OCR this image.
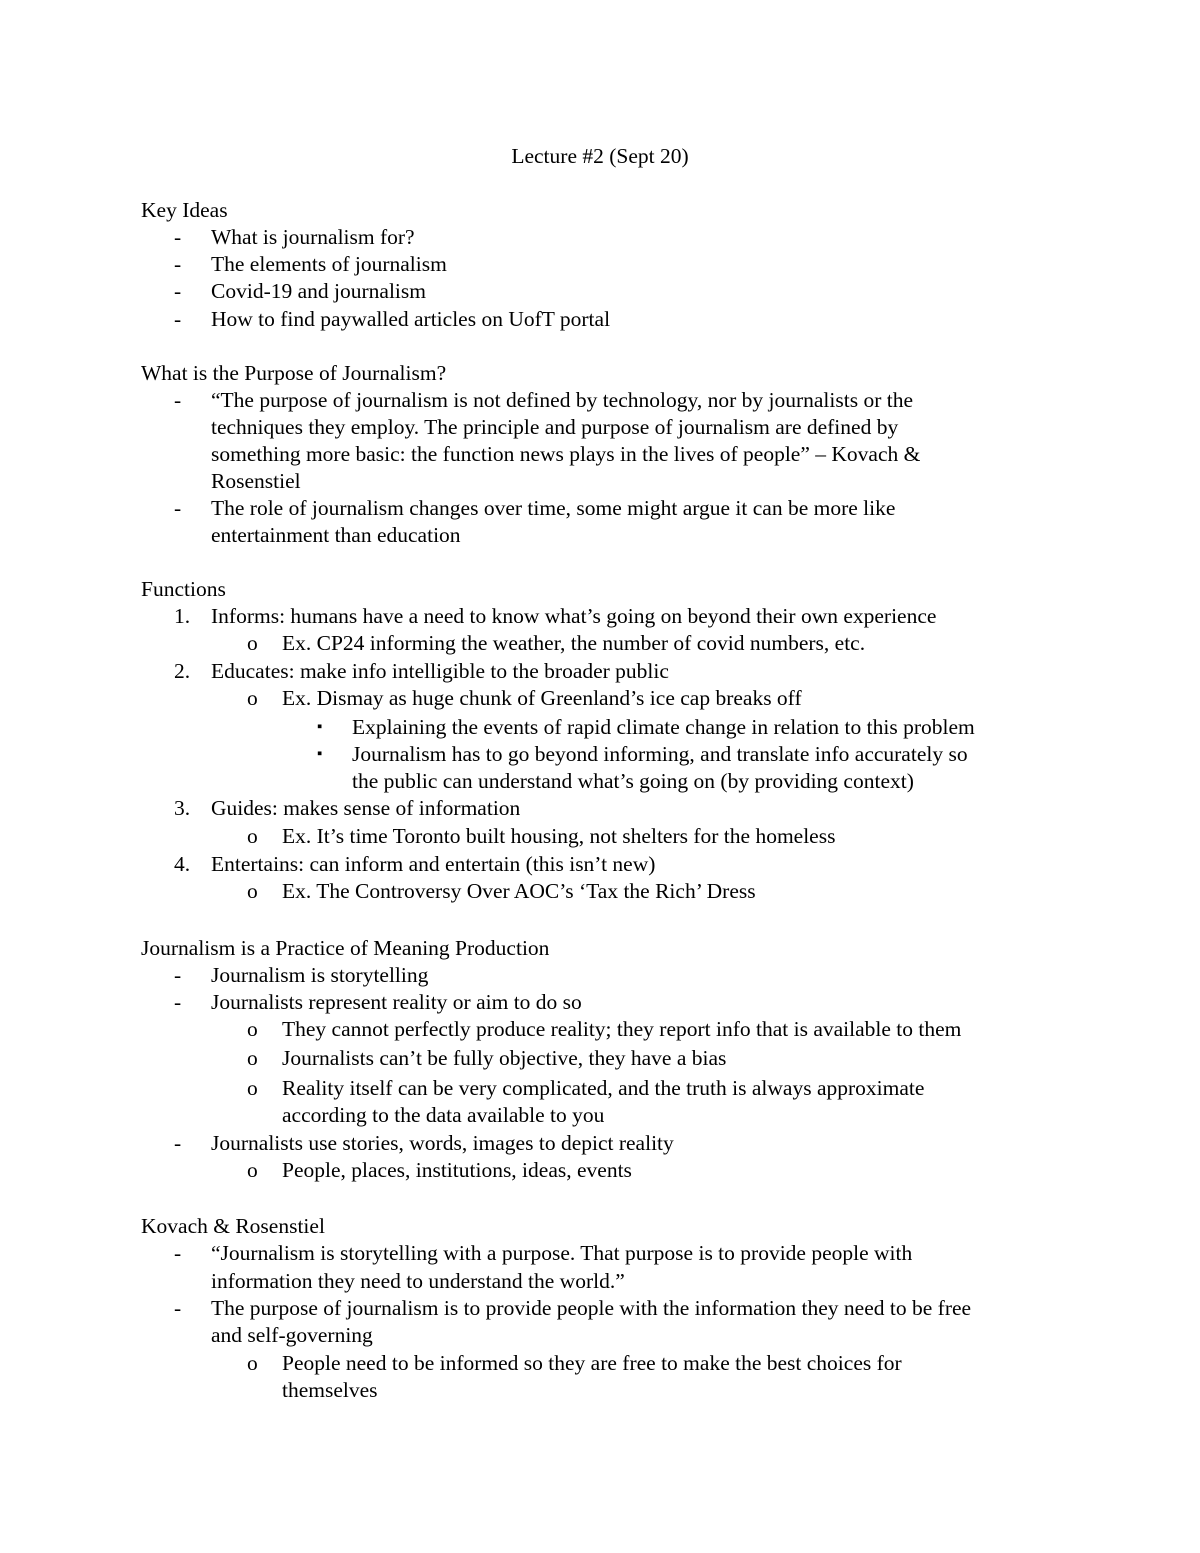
Lecture #2 (Sept 20)
Key Ideas
- What is journalism for?
- The elements of journalism
- Covid-19 and journalism
- How to find paywalled articles on UofT portal
What is the Purpose of Journalism?
- “The purpose of journalism is not defined by technology, nor by journalists or the
techniques they employ. The principle and purpose of journalism are defined by
something more basic: the function news plays in the lives of people” – Kovach &
Rosenstiel
- The role of journalism changes over time, some might argue it can be more like
entertainment than education
Functions
1. Informs: humans have a need to know what’s going on beyond their own experience
o Ex. CP24 informing the weather, the number of covid numbers, etc.
2. Educates: make info intelligible to the broader public
o Ex. Dismay as huge chunk of Greenland’s ice cap breaks off
▪ Explaining the events of rapid climate change in relation to this problem
▪ Journalism has to go beyond informing, and translate info accurately so
the public can understand what’s going on (by providing context)
3. Guides: makes sense of information
o Ex. It’s time Toronto built housing, not shelters for the homeless
4. Entertains: can inform and entertain (this isn’t new)
o Ex. The Controversy Over AOC’s ‘Tax the Rich’ Dress
Journalism is a Practice of Meaning Production
- Journalism is storytelling
- Journalists represent reality or aim to do so
o They cannot perfectly produce reality; they report info that is available to them
o Journalists can’t be fully objective, they have a bias
o Reality itself can be very complicated, and the truth is always approximate
according to the data available to you
- Journalists use stories, words, images to depict reality
o People, places, institutions, ideas, events
Kovach & Rosenstiel
- “Journalism is storytelling with a purpose. That purpose is to provide people with
information they need to understand the world.”
- The purpose of journalism is to provide people with the information they need to be free
and self-governing
o People need to be informed so they are free to make the best choices for
themselves
